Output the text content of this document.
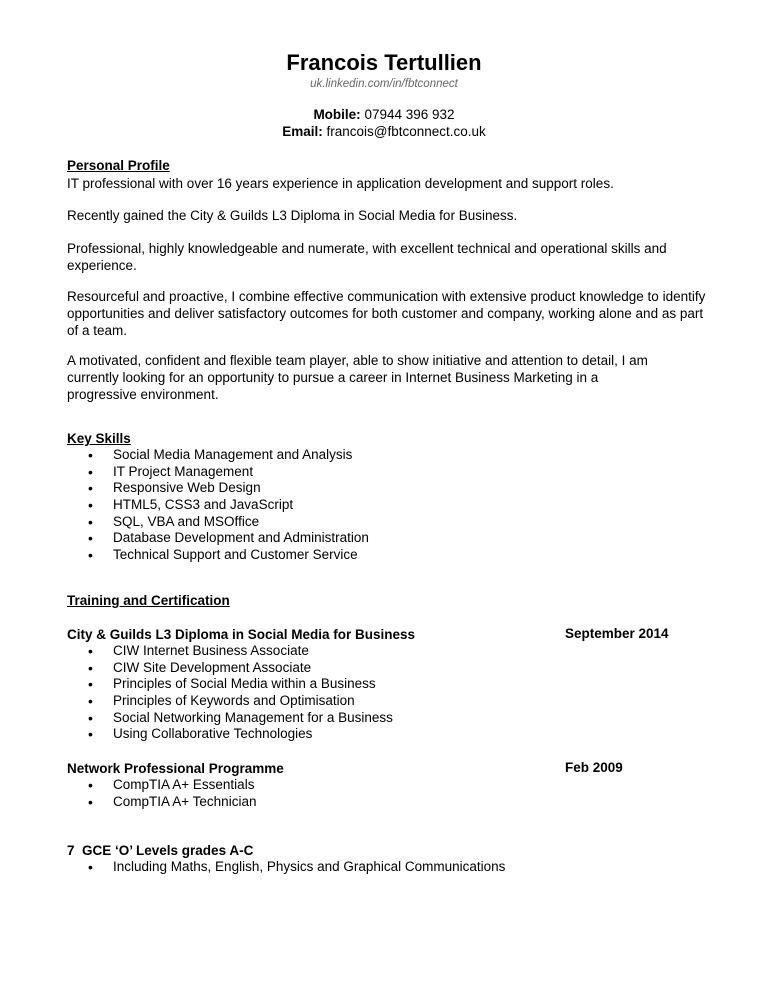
Francois Tertullien
uk.linkedin.com/in/fbtconnect
Mobile: 07944 396 932
Email: francois@fbtconnect.co.uk
Personal Profile
IT professional with over 16 years experience in application development and support roles.
Recently gained the City & Guilds L3 Diploma in Social Media for Business.
Professional, highly knowledgeable and numerate, with excellent technical and operational skills and experience.
Resourceful and proactive, I combine effective communication with extensive product knowledge to identify opportunities and deliver satisfactory outcomes for both customer and company, working alone and as part of a team.
A motivated, confident and flexible team player, able to show initiative and attention to detail, I am currently looking for an opportunity to pursue a career in Internet Business Marketing in a progressive environment.
Key Skills
• Social Media Management and Analysis
• IT Project Management
• Responsive Web Design
• HTML5, CSS3 and JavaScript
• SQL, VBA and MSOffice
• Database Development and Administration
• Technical Support and Customer Service
Training and Certification
City & Guilds L3 Diploma in Social Media for Business	September 2014
• CIW Internet Business Associate
• CIW Site Development Associate
• Principles of Social Media within a Business
• Principles of Keywords and Optimisation
• Social Networking Management for a Business
• Using Collaborative Technologies
Network Professional Programme	Feb 2009
• CompTIA A+ Essentials
• CompTIA A+ Technician
7  GCE ‘O’ Levels grades A-C
• Including Maths, English, Physics and Graphical Communications
